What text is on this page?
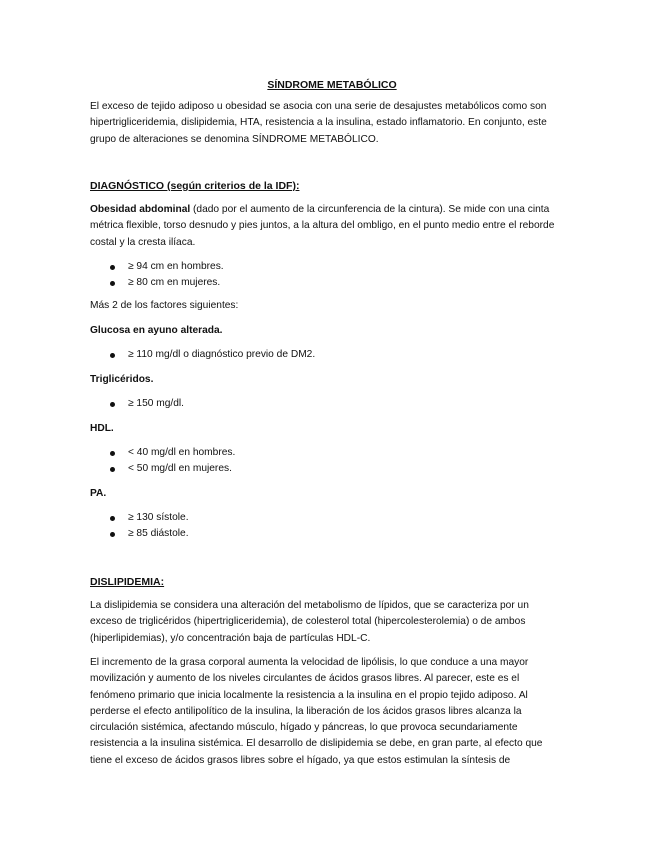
SÍNDROME METABÓLICO
El exceso de tejido adiposo u obesidad se asocia con una serie de desajustes metabólicos como son hipertrigliceridemia, dislipidemia, HTA, resistencia a la insulina, estado inflamatorio. En conjunto, este grupo de alteraciones se denomina SÍNDROME METABÓLICO.
DIAGNÓSTICO (según criterios de la IDF):
Obesidad abdominal (dado por el aumento de la circunferencia de la cintura). Se mide con una cinta métrica flexible, torso desnudo y pies juntos, a la altura del ombligo, en el punto medio entre el reborde costal y la cresta ilíaca.
≥ 94 cm en hombres.
≥ 80 cm en mujeres.
Más 2 de los factores siguientes:
Glucosa en ayuno alterada.
≥ 110 mg/dl o diagnóstico previo de DM2.
Triglicéridos.
≥ 150 mg/dl.
HDL.
< 40 mg/dl en hombres.
< 50 mg/dl en mujeres.
PA.
≥ 130 sístole.
≥ 85 diástole.
DISLIPIDEMIA:
La dislipidemia se considera una alteración del metabolismo de lípidos, que se caracteriza por un exceso de triglicéridos (hipertrigliceridemia), de colesterol total (hipercolesterolemia) o de ambos (hiperlipidemias), y/o concentración baja de partículas HDL-C.
El incremento de la grasa corporal aumenta la velocidad de lipólisis, lo que conduce a una mayor movilización y aumento de los niveles circulantes de ácidos grasos libres. Al parecer, este es el fenómeno primario que inicia localmente la resistencia a la insulina en el propio tejido adiposo. Al perderse el efecto antilipolítico de la insulina, la liberación de los ácidos grasos libres alcanza la circulación sistémica, afectando músculo, hígado y páncreas, lo que provoca secundariamente resistencia a la insulina sistémica. El desarrollo de dislipidemia se debe, en gran parte, al efecto que tiene el exceso de ácidos grasos libres sobre el hígado, ya que estos estimulan la síntesis de
